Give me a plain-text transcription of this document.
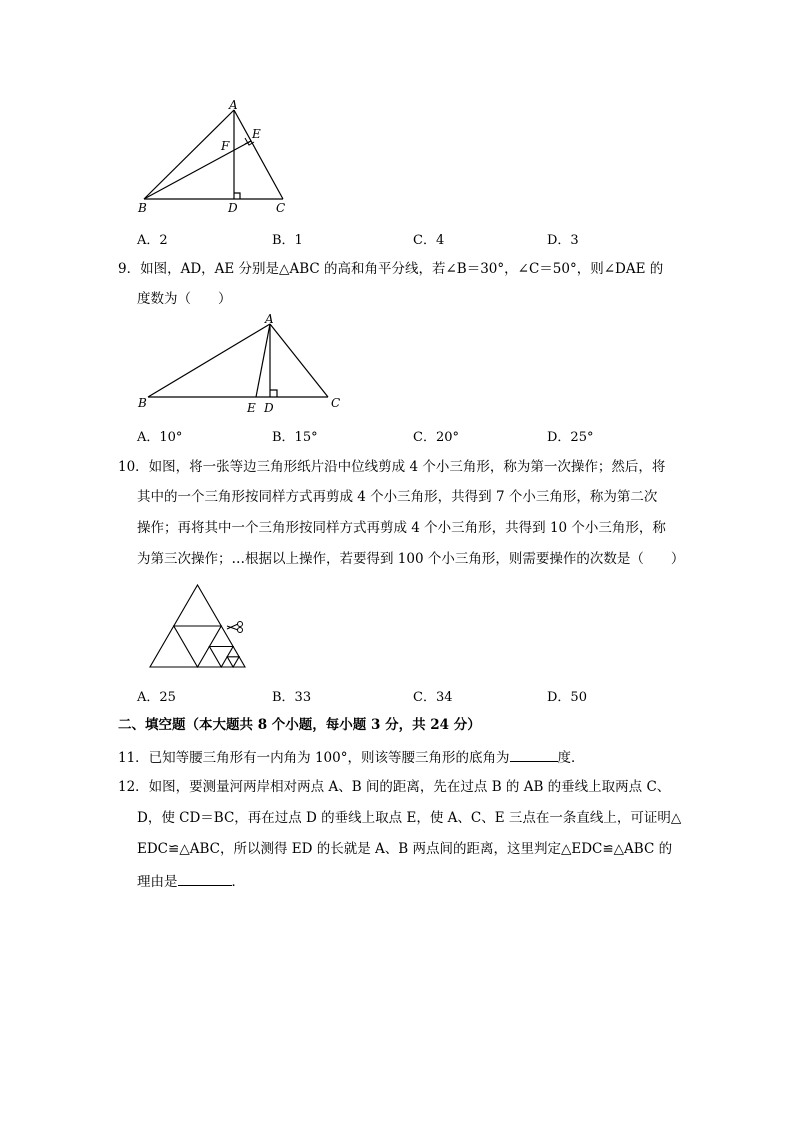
A
E
F
B	D	C
A．2	B．1	C．4	D．3
9．如图，AD，AE 分别是△ABC 的高和角平分线，若∠B＝30°，∠C＝50°，则∠DAE 的
度数为（　　）
A
B	E D	C
A．10°	B．15°	C．20°	D．25°
10．如图，将一张等边三角形纸片沿中位线剪成 4 个小三角形，称为第一次操作；然后，将
其中的一个三角形按同样方式再剪成 4 个小三角形，共得到 7 个小三角形，称为第二次
操作；再将其中一个三角形按同样方式再剪成 4 个小三角形，共得到 10 个小三角形，称
为第三次操作；…根据以上操作，若要得到 100 个小三角形，则需要操作的次数是（　　）
A．25	B．33	C．34	D．50
二、填空题（本大题共 8 个小题，每小题 3 分，共 24 分）
11．已知等腰三角形有一内角为 100°，则该等腰三角形的底角为	度．
12．如图，要测量河两岸相对两点 A、B 间的距离，先在过点 B 的 AB 的垂线上取两点 C、
D，使 CD＝BC，再在过点 D 的垂线上取点 E，使 A、C、E 三点在一条直线上，可证明△
EDC≌△ABC，所以测得 ED 的长就是 A、B 两点间的距离，这里判定△EDC≌△ABC 的
理由是	．
